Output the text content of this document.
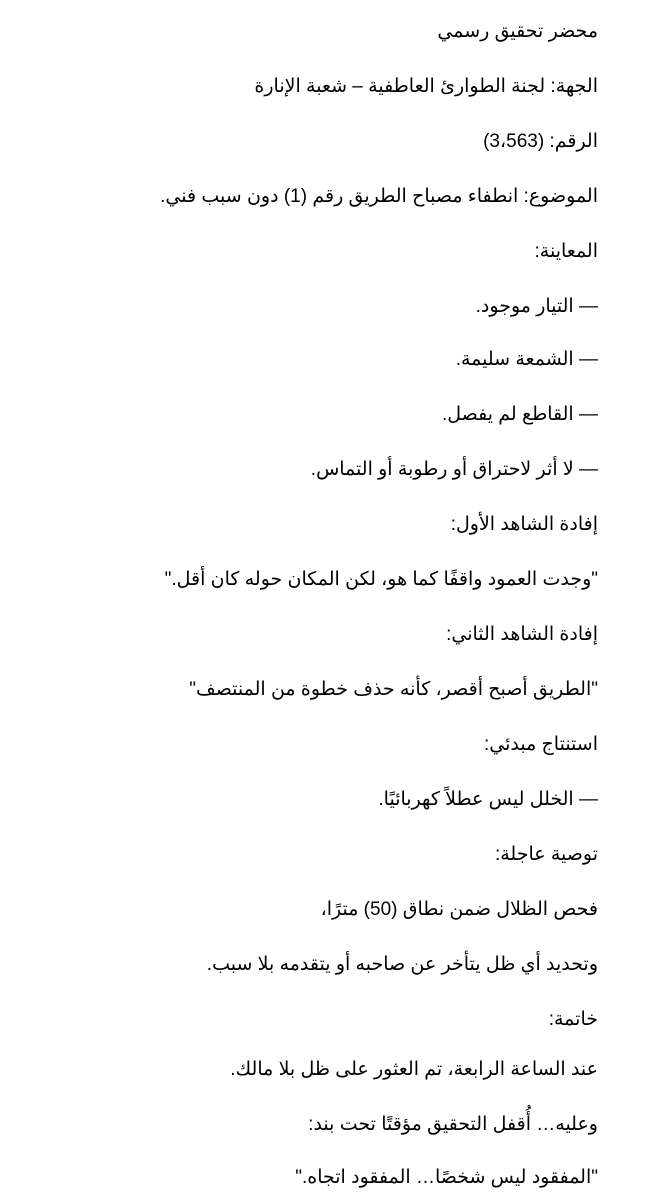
محضر تحقيق رسمي
الجهة: لجنة الطوارئ العاطفية – شعبة الإنارة
الرقم: (3،563)
الموضوع: انطفاء مصباح الطريق رقم (1) دون سبب فني.
المعاينة:
— التيار موجود.
— الشمعة سليمة.
— القاطع لم يفصل.
— لا أثر لاحتراق أو رطوبة أو التماس.
إفادة الشاهد الأول:
"وجدت العمود واقفًا كما هو، لكن المكان حوله كان أقل."
إفادة الشاهد الثاني:
"الطريق أصبح أقصر، كأنه حذف خطوة من المنتصف"
استنتاج مبدئي:
— الخلل ليس عطلاً كهربائيًا.
توصية عاجلة:
فحص الظلال ضمن نطاق (50) مترًا،
وتحديد أي ظل يتأخر عن صاحبه أو يتقدمه بلا سبب.
خاتمة:
عند الساعة الرابعة، تم العثور على ظل بلا مالك.
وعليه… أُقفل التحقيق مؤقتًا تحت بند:
"المفقود ليس شخصًا… المفقود اتجاه."
